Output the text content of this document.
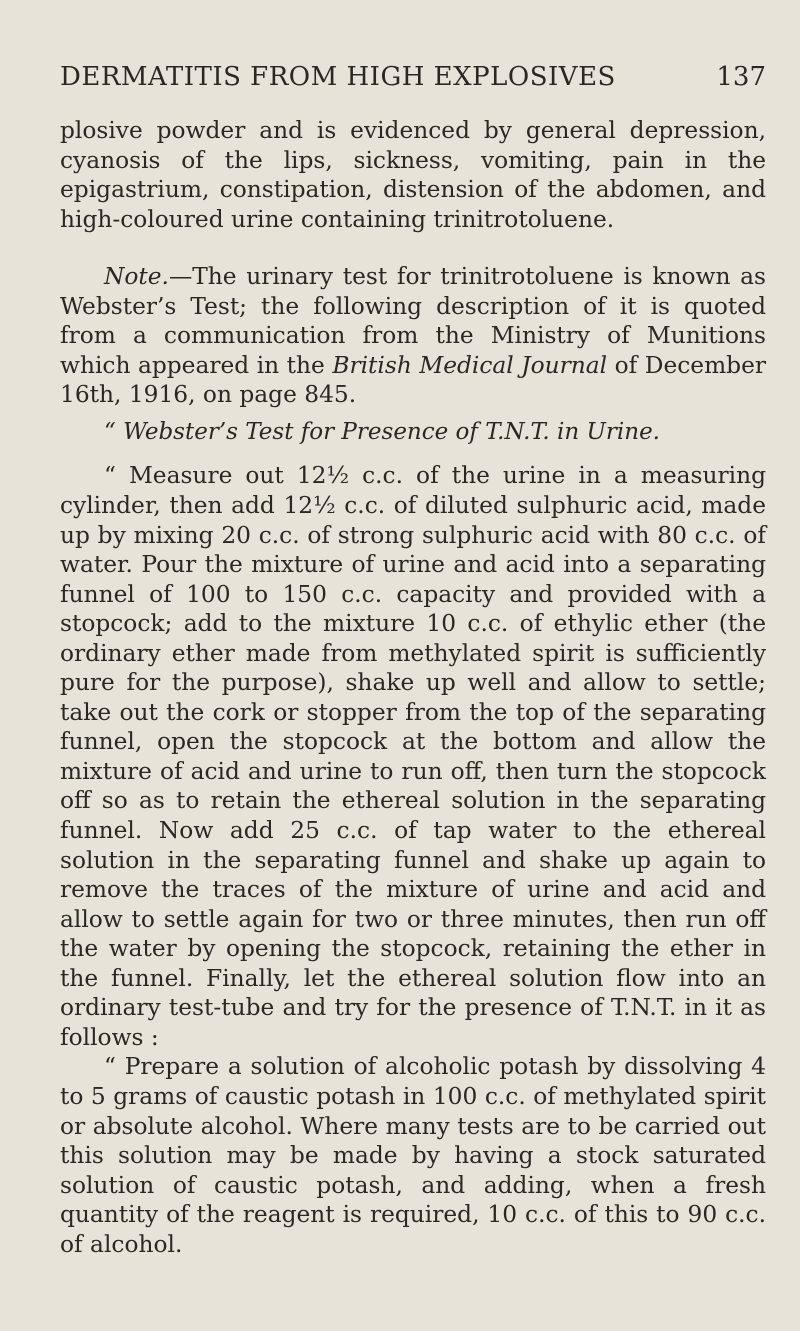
DERMATITIS FROM HIGH EXPLOSIVES	137

plosive powder and is evidenced by general depression, cyanosis of the lips, sickness, vomiting, pain in the epigastrium, constipation, distension of the abdomen, and high-coloured urine containing trinitrotoluene.

Note.—The urinary test for trinitrotoluene is known as Webster’s Test; the following description of it is quoted from a communication from the Ministry of Munitions which appeared in the British Medical Journal of December 16th, 1916, on page 845.

“ Webster’s Test for Presence of T.N.T. in Urine.

“ Measure out 12½ c.c. of the urine in a measuring cylinder, then add 12½ c.c. of diluted sulphuric acid, made up by mixing 20 c.c. of strong sulphuric acid with 80 c.c. of water. Pour the mixture of urine and acid into a separating funnel of 100 to 150 c.c. capacity and provided with a stopcock; add to the mixture 10 c.c. of ethylic ether (the ordinary ether made from methylated spirit is sufficiently pure for the purpose), shake up well and allow to settle; take out the cork or stopper from the top of the separating funnel, open the stopcock at the bottom and allow the mixture of acid and urine to run off, then turn the stopcock off so as to retain the ethereal solution in the separating funnel. Now add 25 c.c. of tap water to the ethereal solution in the separating funnel and shake up again to remove the traces of the mixture of urine and acid and allow to settle again for two or three minutes, then run off the water by opening the stopcock, retaining the ether in the funnel. Finally, let the ethereal solution flow into an ordinary test-tube and try for the presence of T.N.T. in it as follows :

“ Prepare a solution of alcoholic potash by dissolving 4 to 5 grams of caustic potash in 100 c.c. of methylated spirit or absolute alcohol. Where many tests are to be carried out this solution may be made by having a stock saturated solution of caustic potash, and adding, when a fresh quantity of the reagent is required, 10 c.c. of this to 90 c.c. of alcohol.
